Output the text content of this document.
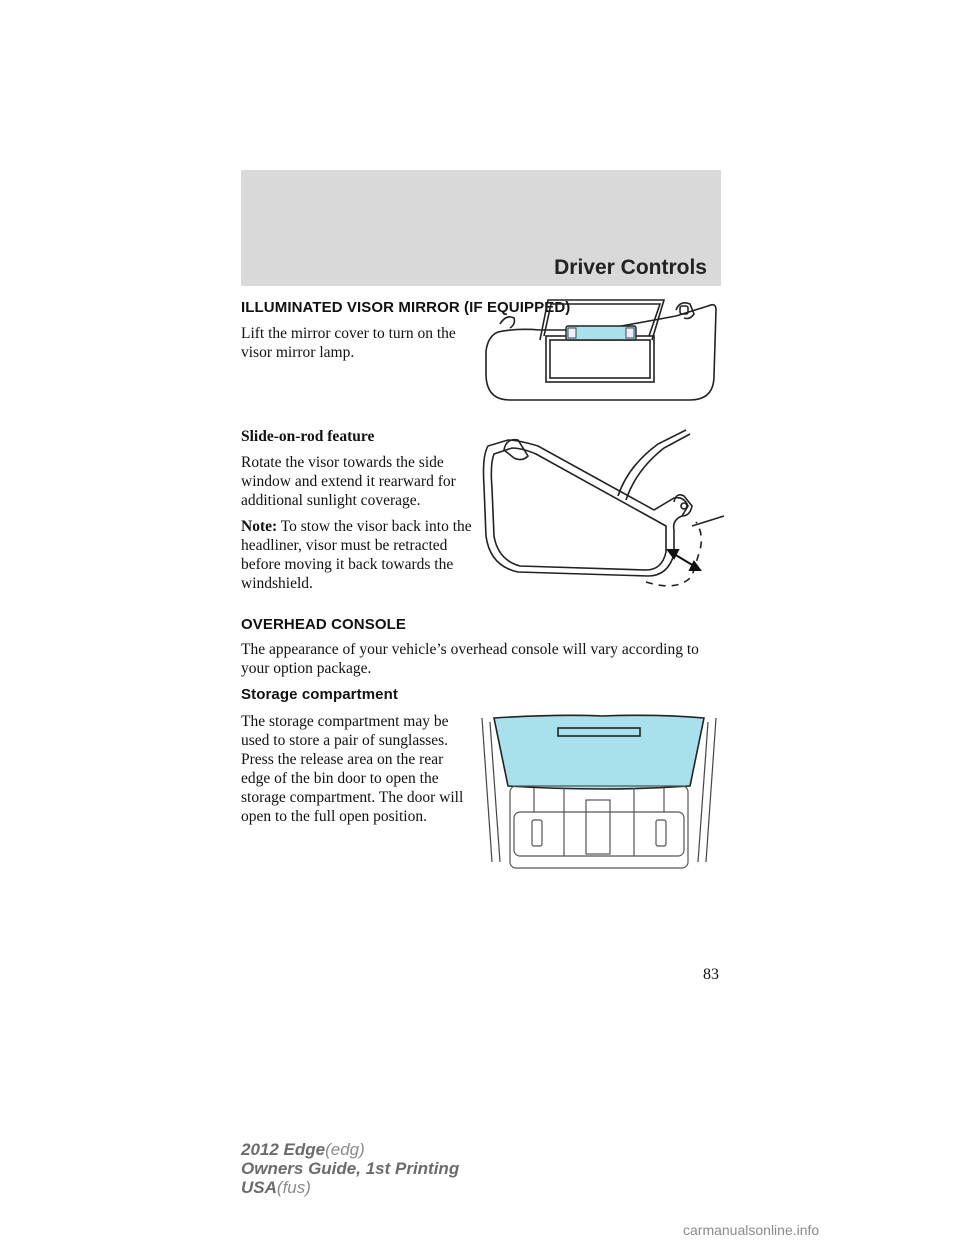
Driver Controls
ILLUMINATED VISOR MIRROR (IF EQUIPPED)
Lift the mirror cover to turn on the visor mirror lamp.
Slide-on-rod feature
Rotate the visor towards the side window and extend it rearward for additional sunlight coverage.
Note: To stow the visor back into the headliner, visor must be retracted before moving it back towards the windshield.
OVERHEAD CONSOLE
The appearance of your vehicle’s overhead console will vary according to your option package.
Storage compartment
The storage compartment may be used to store a pair of sunglasses. Press the release area on the rear edge of the bin door to open the storage compartment. The door will open to the full open position.
83
2012 Edge(edg)
Owners Guide, 1st Printing
USA(fus)
carmanualsonline.info
